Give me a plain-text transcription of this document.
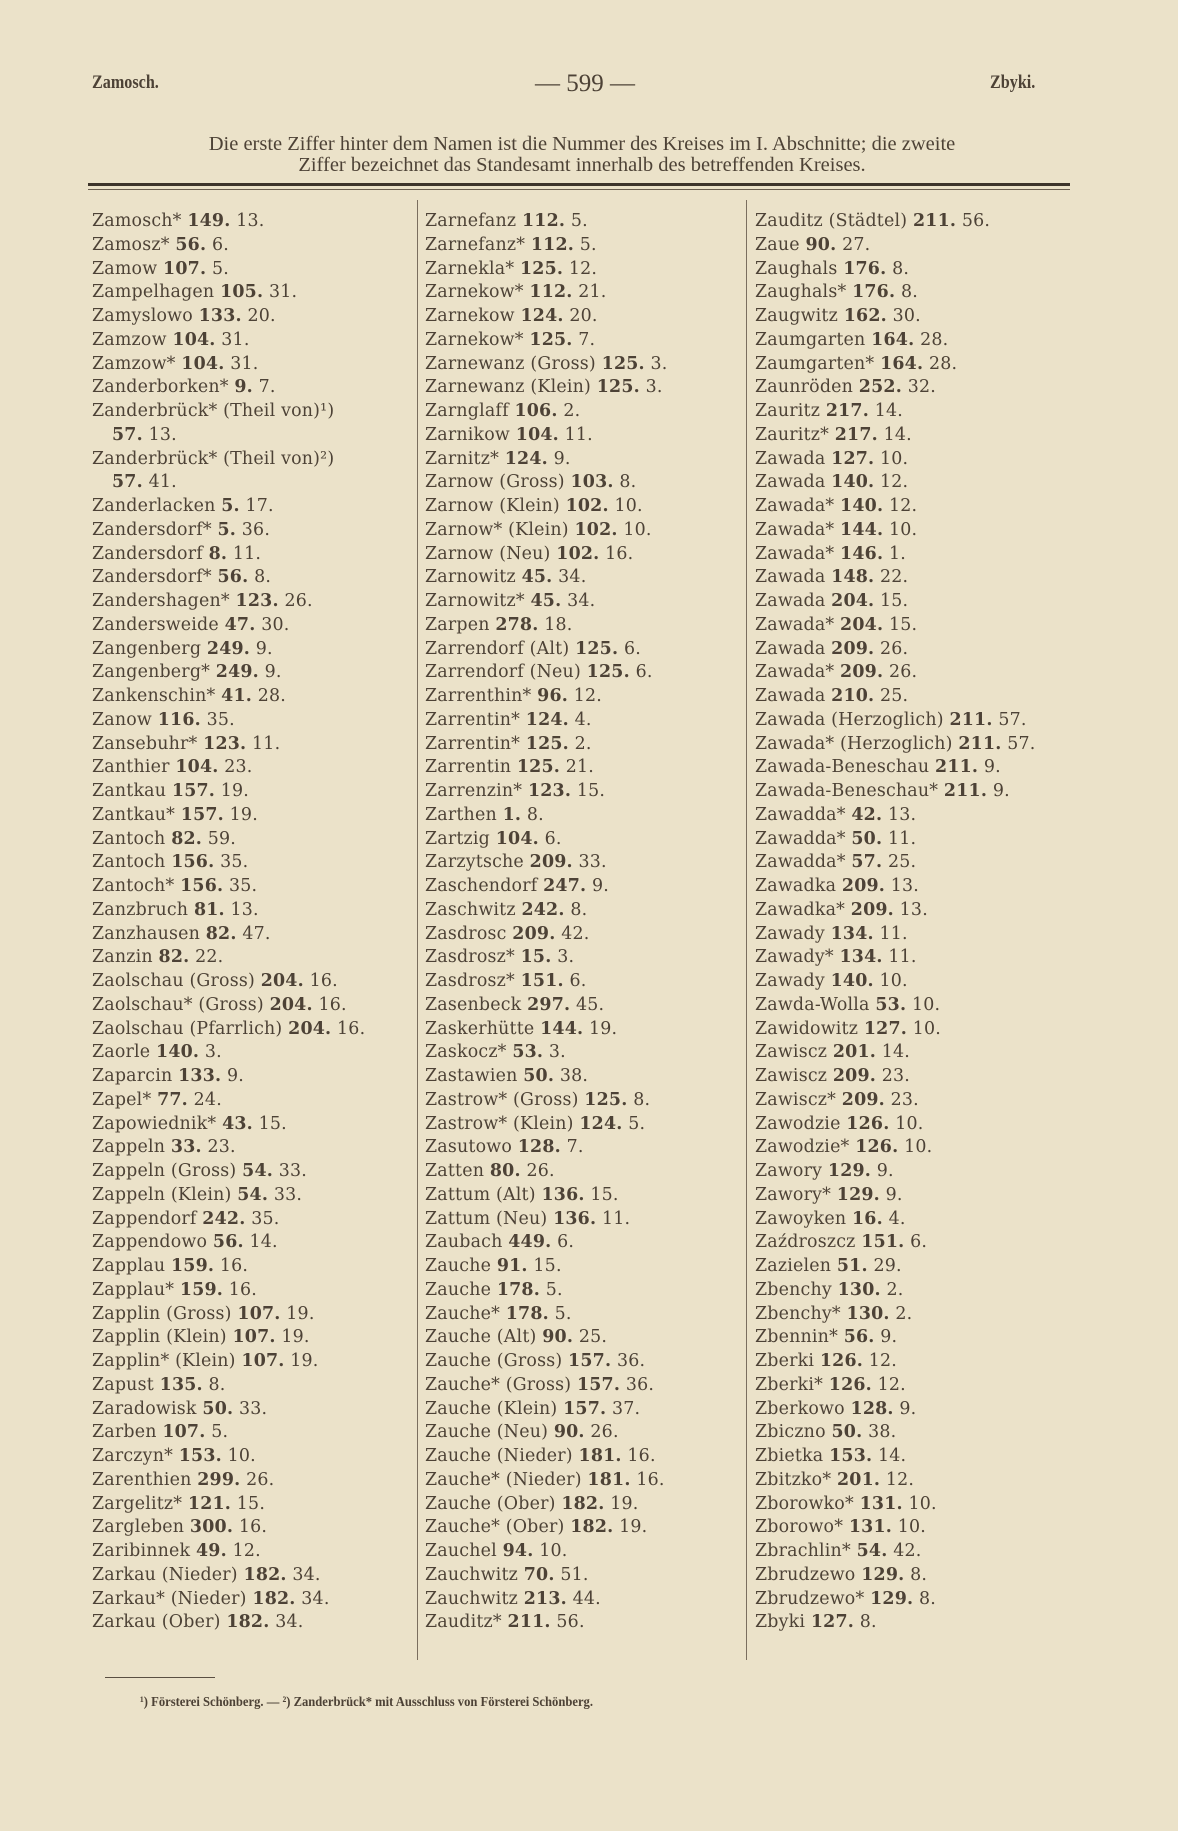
Zamosch.	— 599 —	Zbyki.
Die erste Ziffer hinter dem Namen ist die Nummer des Kreises im I. Abschnitte; die zweite
Ziffer bezeichnet das Standesamt innerhalb des betreffenden Kreises.
Zamosch* 149. 13.
Zamosz* 56. 6.
Zamow 107. 5.
Zampelhagen 105. 31.
Zamyslowo 133. 20.
Zamzow 104. 31.
Zamzow* 104. 31.
Zanderborken* 9. 7.
Zanderbrück* (Theil von)¹)
57. 13.
Zanderbrück* (Theil von)²)
57. 41.
Zanderlacken 5. 17.
Zandersdorf* 5. 36.
Zandersdorf 8. 11.
Zandersdorf* 56. 8.
Zandershagen* 123. 26.
Zandersweide 47. 30.
Zangenberg 249. 9.
Zangenberg* 249. 9.
Zankenschin* 41. 28.
Zanow 116. 35.
Zansebuhr* 123. 11.
Zanthier 104. 23.
Zantkau 157. 19.
Zantkau* 157. 19.
Zantoch 82. 59.
Zantoch 156. 35.
Zantoch* 156. 35.
Zanzbruch 81. 13.
Zanzhausen 82. 47.
Zanzin 82. 22.
Zaolschau (Gross) 204. 16.
Zaolschau* (Gross) 204. 16.
Zaolschau (Pfarrlich) 204. 16.
Zaorle 140. 3.
Zaparcin 133. 9.
Zapel* 77. 24.
Zapowiednik* 43. 15.
Zappeln 33. 23.
Zappeln (Gross) 54. 33.
Zappeln (Klein) 54. 33.
Zappendorf 242. 35.
Zappendowo 56. 14.
Zapplau 159. 16.
Zapplau* 159. 16.
Zapplin (Gross) 107. 19.
Zapplin (Klein) 107. 19.
Zapplin* (Klein) 107. 19.
Zapust 135. 8.
Zaradowisk 50. 33.
Zarben 107. 5.
Zarczyn* 153. 10.
Zarenthien 299. 26.
Zargelitz* 121. 15.
Zargleben 300. 16.
Zaribinnek 49. 12.
Zarkau (Nieder) 182. 34.
Zarkau* (Nieder) 182. 34.
Zarkau (Ober) 182. 34.
Zarnefanz 112. 5.
Zarnefanz* 112. 5.
Zarnekla* 125. 12.
Zarnekow* 112. 21.
Zarnekow 124. 20.
Zarnekow* 125. 7.
Zarnewanz (Gross) 125. 3.
Zarnewanz (Klein) 125. 3.
Zarnglaff 106. 2.
Zarnikow 104. 11.
Zarnitz* 124. 9.
Zarnow (Gross) 103. 8.
Zarnow (Klein) 102. 10.
Zarnow* (Klein) 102. 10.
Zarnow (Neu) 102. 16.
Zarnowitz 45. 34.
Zarnowitz* 45. 34.
Zarpen 278. 18.
Zarrendorf (Alt) 125. 6.
Zarrendorf (Neu) 125. 6.
Zarrenthin* 96. 12.
Zarrentin* 124. 4.
Zarrentin* 125. 2.
Zarrentin 125. 21.
Zarrenzin* 123. 15.
Zarthen 1. 8.
Zartzig 104. 6.
Zarzytsche 209. 33.
Zaschendorf 247. 9.
Zaschwitz 242. 8.
Zasdrosc 209. 42.
Zasdrosz* 15. 3.
Zasdrosz* 151. 6.
Zasenbeck 297. 45.
Zaskerhütte 144. 19.
Zaskocz* 53. 3.
Zastawien 50. 38.
Zastrow* (Gross) 125. 8.
Zastrow* (Klein) 124. 5.
Zasutowo 128. 7.
Zatten 80. 26.
Zattum (Alt) 136. 15.
Zattum (Neu) 136. 11.
Zaubach 449. 6.
Zauche 91. 15.
Zauche 178. 5.
Zauche* 178. 5.
Zauche (Alt) 90. 25.
Zauche (Gross) 157. 36.
Zauche* (Gross) 157. 36.
Zauche (Klein) 157. 37.
Zauche (Neu) 90. 26.
Zauche (Nieder) 181. 16.
Zauche* (Nieder) 181. 16.
Zauche (Ober) 182. 19.
Zauche* (Ober) 182. 19.
Zauchel 94. 10.
Zauchwitz 70. 51.
Zauchwitz 213. 44.
Zauditz* 211. 56.
Zauditz (Städtel) 211. 56.
Zaue 90. 27.
Zaughals 176. 8.
Zaughals* 176. 8.
Zaugwitz 162. 30.
Zaumgarten 164. 28.
Zaumgarten* 164. 28.
Zaunröden 252. 32.
Zauritz 217. 14.
Zauritz* 217. 14.
Zawada 127. 10.
Zawada 140. 12.
Zawada* 140. 12.
Zawada* 144. 10.
Zawada* 146. 1.
Zawada 148. 22.
Zawada 204. 15.
Zawada* 204. 15.
Zawada 209. 26.
Zawada* 209. 26.
Zawada 210. 25.
Zawada (Herzoglich) 211. 57.
Zawada* (Herzoglich) 211. 57.
Zawada-Beneschau 211. 9.
Zawada-Beneschau* 211. 9.
Zawadda* 42. 13.
Zawadda* 50. 11.
Zawadda* 57. 25.
Zawadka 209. 13.
Zawadka* 209. 13.
Zawady 134. 11.
Zawady* 134. 11.
Zawady 140. 10.
Zawda-Wolla 53. 10.
Zawidowitz 127. 10.
Zawiscz 201. 14.
Zawiscz 209. 23.
Zawiscz* 209. 23.
Zawodzie 126. 10.
Zawodzie* 126. 10.
Zawory 129. 9.
Zawory* 129. 9.
Zawoyken 16. 4.
Zaźdroszcz 151. 6.
Zazielen 51. 29.
Zbenchy 130. 2.
Zbenchy* 130. 2.
Zbennin* 56. 9.
Zberki 126. 12.
Zberki* 126. 12.
Zberkowo 128. 9.
Zbiczno 50. 38.
Zbietka 153. 14.
Zbitzko* 201. 12.
Zborowko* 131. 10.
Zborowo* 131. 10.
Zbrachlin* 54. 42.
Zbrudzewo 129. 8.
Zbrudzewo* 129. 8.
Zbyki 127. 8.
¹) Försterei Schönberg. — ²) Zanderbrück* mit Ausschluss von Försterei Schönberg.
